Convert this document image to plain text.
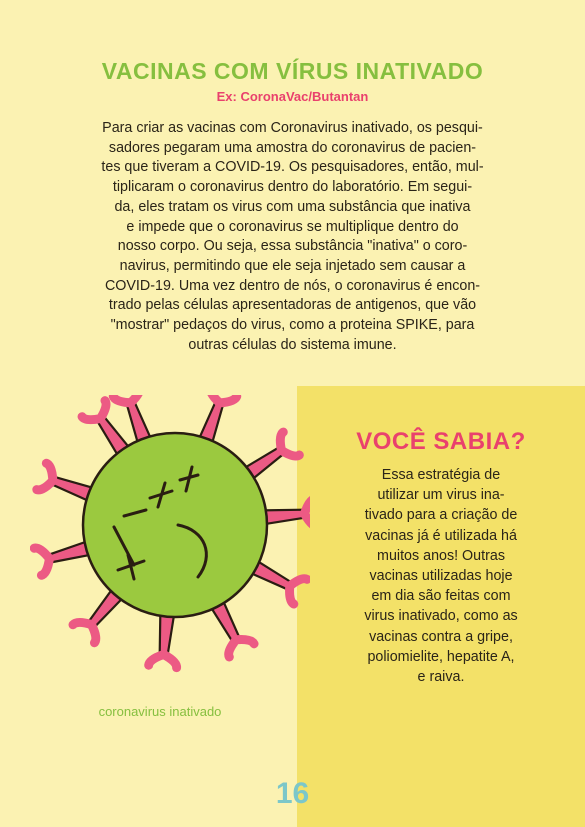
VACINAS COM VÍRUS INATIVADO
Ex: CoronaVac/Butantan
Para criar as vacinas com Coronavirus inativado, os pesqui-
sadores pegaram uma amostra do coronavirus de pacien-
tes que tiveram a COVID-19. Os pesquisadores, então, mul-
tiplicaram o coronavirus dentro do laboratório. Em segui-
da, eles tratam os virus com uma substância que inativa
e impede que o coronavirus se multiplique dentro do
nosso corpo. Ou seja, essa substância "inativa" o coro-
navirus, permitindo que ele seja injetado sem causar a
COVID-19. Uma vez dentro de nós, o coronavirus é encon-
trado pelas células apresentadoras de antigenos, que vão
"mostrar" pedaços do virus, como a proteina SPIKE, para
outras células do sistema imune.
VOCÊ SABIA?
Essa estratégia de
utilizar um virus ina-
tivado para a criação de
vacinas já é utilizada há
muitos anos! Outras
vacinas utilizadas hoje
em dia são feitas com
virus inativado, como as
vacinas contra a gripe,
poliomielite, hepatite A,
e raiva.
coronavirus inativado
16
